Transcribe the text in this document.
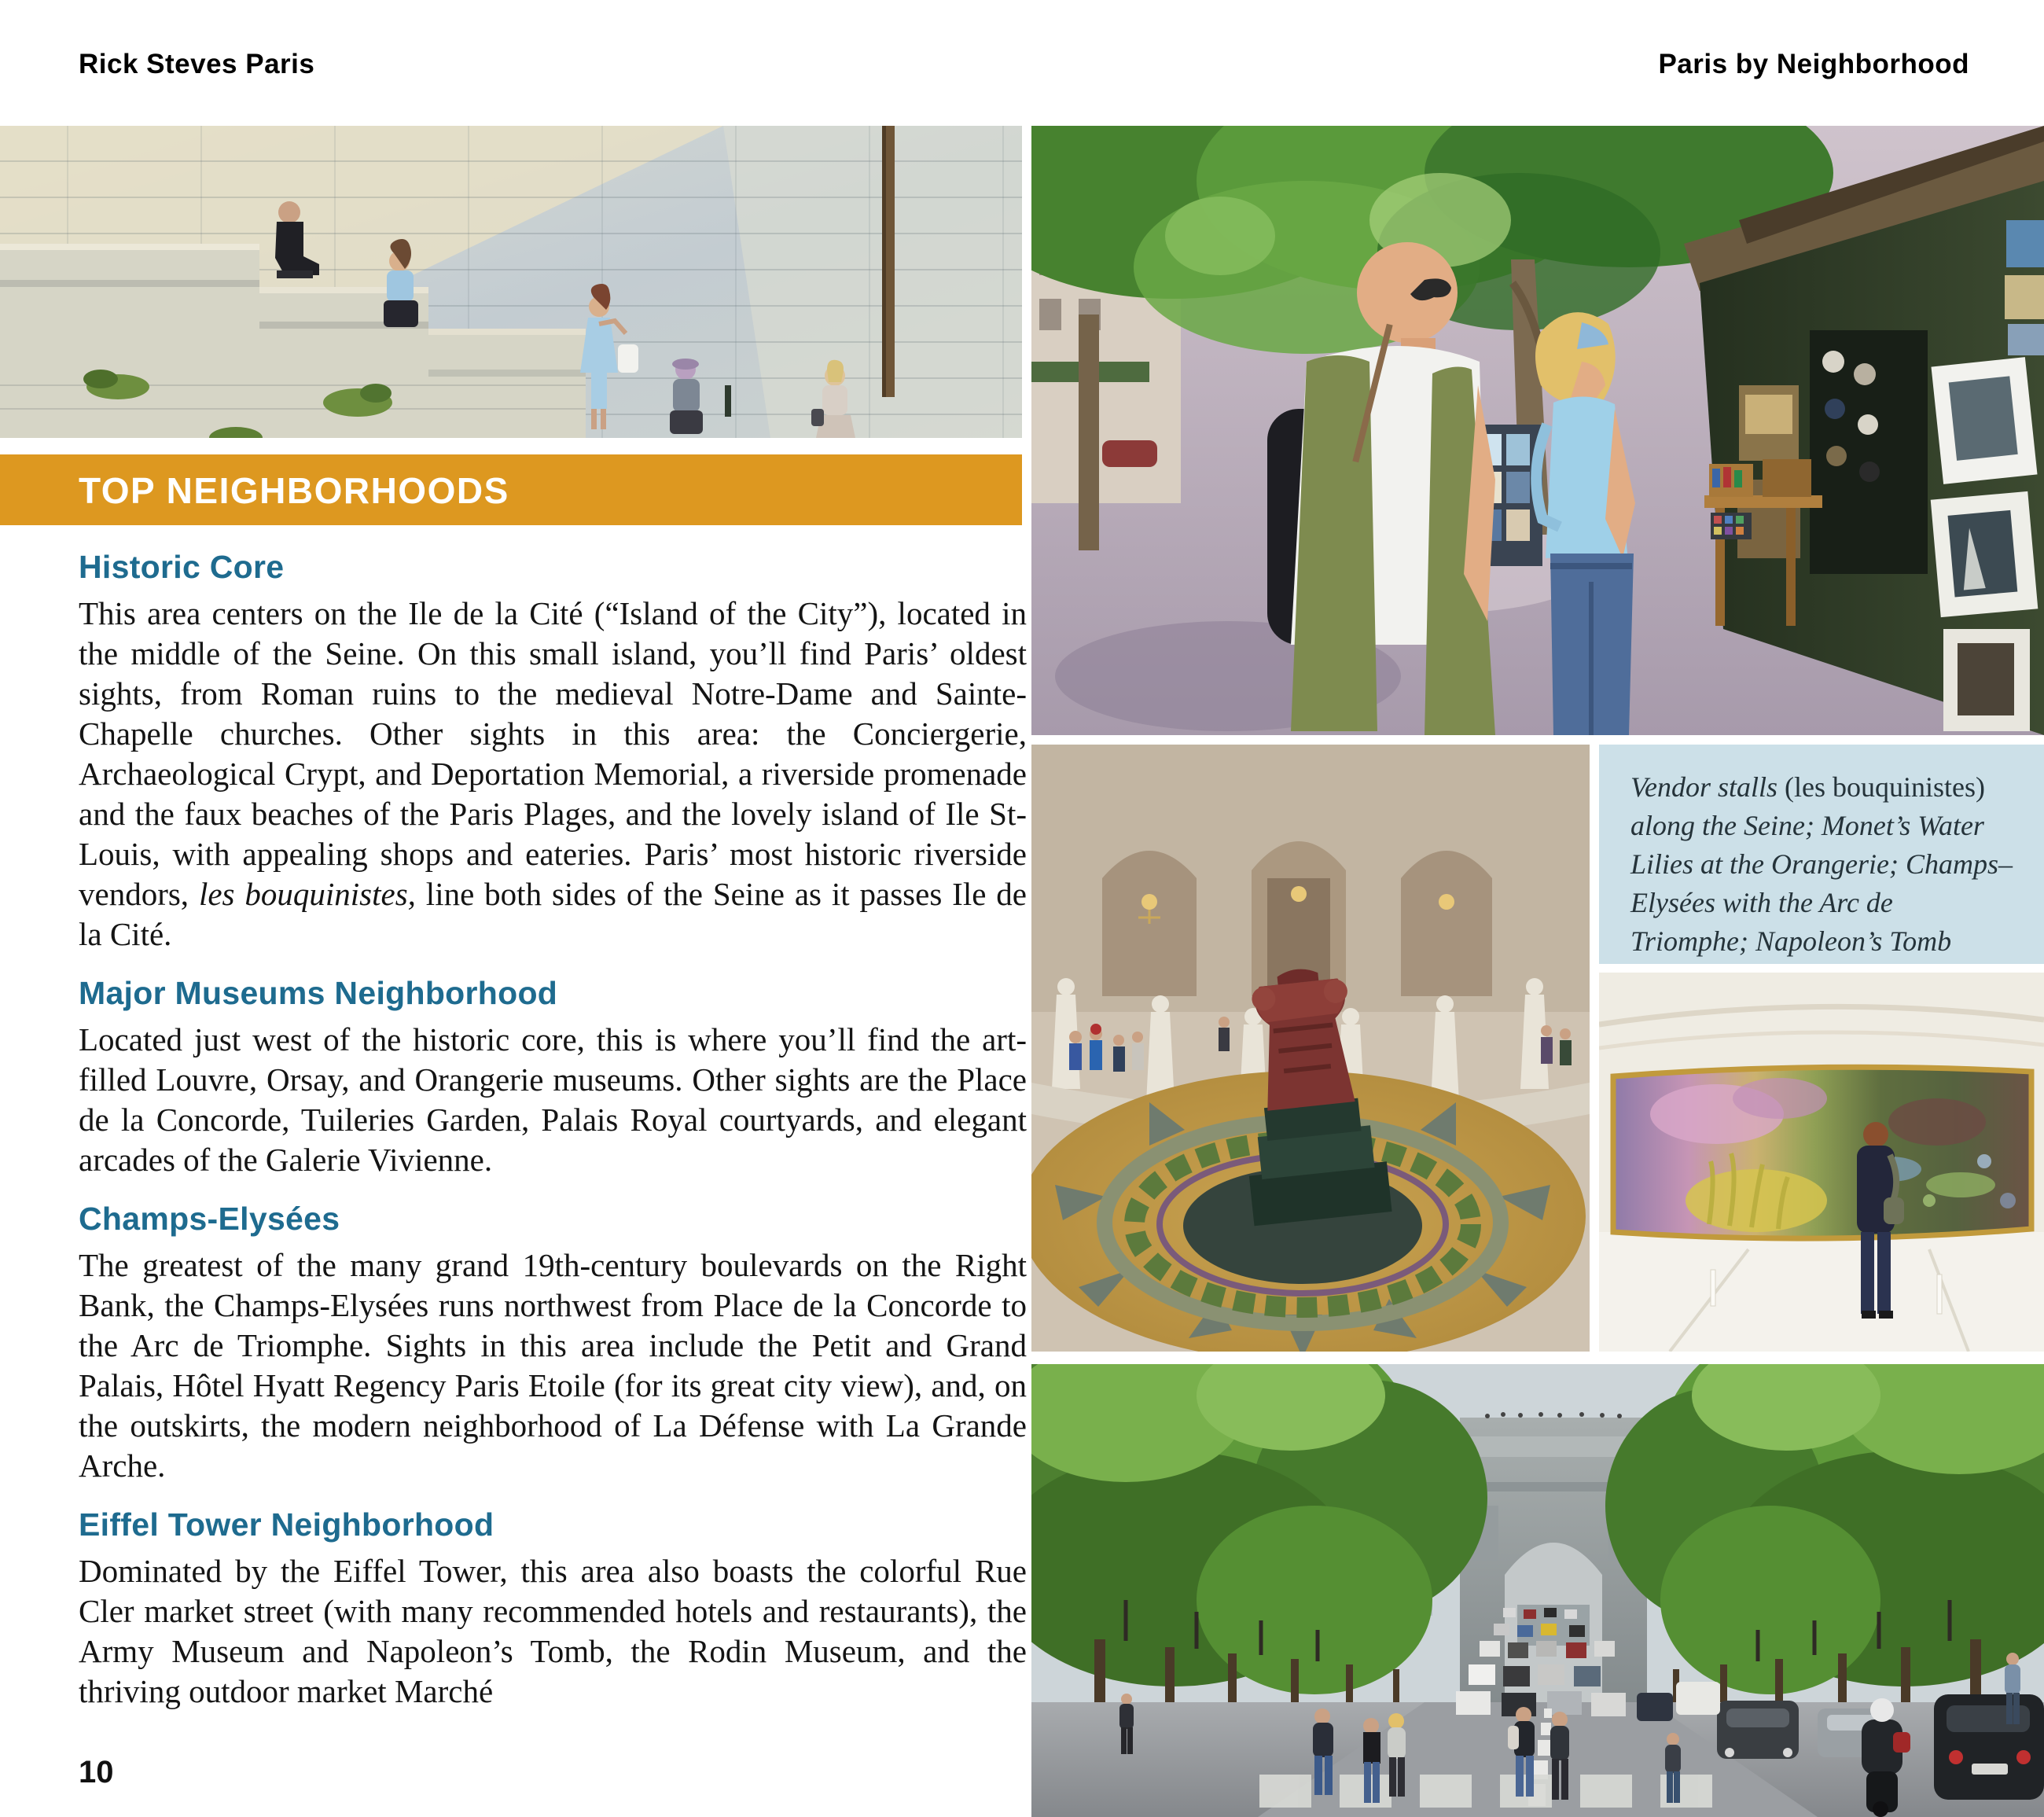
Rick Steves Paris	Paris by Neighborhood
TOP NEIGHBORHOODS
Historic Core

This area centers on the Ile de la Cité (“Island of the City”), located in the middle of the Seine. On this small island, you’ll find Paris’ oldest sights, from Roman ruins to the medieval Notre-Dame and Sainte-Chapelle churches. Other sights in this area: the Conciergerie, Archaeological Crypt, and Deportation Memorial, a riverside promenade and the faux beaches of the Paris Plages, and the lovely island of Ile St-Louis, with appealing shops and eateries. Paris’ most historic riverside vendors, les bouquinistes, line both sides of the Seine as it passes Ile de la Cité.

Major Museums Neighborhood

Located just west of the historic core, this is where you’ll find the art-filled Louvre, Orsay, and Orangerie museums. Other sights are the Place de la Concorde, Tuileries Garden, Palais Royal courtyards, and elegant arcades of the Galerie Vivienne.

Champs-Elysées

The greatest of the many grand 19th-century boulevards on the Right Bank, the Champs-Elysées runs northwest from Place de la Concorde to the Arc de Triomphe. Sights in this area include the Petit and Grand Palais, Hôtel Hyatt Regency Paris Etoile (for its great city view), and, on the outskirts, the modern neighborhood of La Défense with La Grande Arche.

Eiffel Tower Neighborhood

Dominated by the Eiffel Tower, this area also boasts the colorful Rue Cler market street (with many recommended hotels and restaurants), the Army Museum and Napoleon’s Tomb, the Rodin Museum, and the thriving outdoor market Marché

Vendor stalls (les bouquinistes) along the Seine; Monet’s Water Lilies at the Orangerie; Champs–Elysées with the Arc de Triomphe; Napoleon’s Tomb
10
